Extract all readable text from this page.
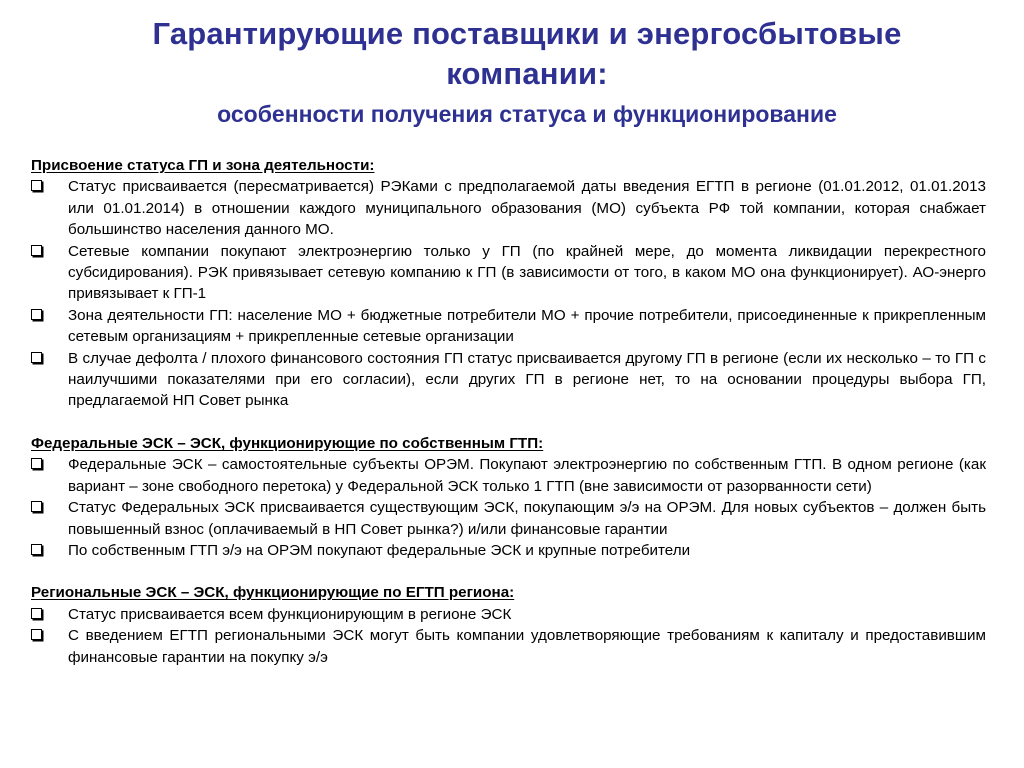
Гарантирующие поставщики и энергосбытовые
компании:
особенности получения статуса и функционирование
Присвоение статуса ГП и зона деятельности:
Статус присваивается (пересматривается) РЭКами с предполагаемой даты введения ЕГТП в регионе (01.01.2012, 01.01.2013 или 01.01.2014) в отношении каждого муниципального образования (МО) субъекта РФ той компании, которая снабжает большинство населения данного МО.
Сетевые компании покупают электроэнергию только у ГП (по крайней мере, до момента ликвидации перекрестного субсидирования). РЭК привязывает сетевую компанию к ГП (в зависимости от того, в каком МО она функционирует). АО-энерго привязывает к ГП-1
Зона деятельности ГП: население МО + бюджетные потребители МО + прочие потребители, присоединенные к прикрепленным сетевым организациям + прикрепленные сетевые организации
В случае дефолта / плохого финансового состояния ГП статус присваивается другому ГП в регионе (если их несколько – то ГП с наилучшими показателями при его согласии), если других ГП в регионе нет, то на основании процедуры выбора ГП, предлагаемой НП Совет рынка
Федеральные ЭСК – ЭСК, функционирующие по собственным ГТП:
Федеральные ЭСК – самостоятельные субъекты ОРЭМ. Покупают электроэнергию по собственным ГТП. В одном регионе (как вариант – зоне свободного перетока) у Федеральной ЭСК только 1 ГТП (вне зависимости от разорванности сети)
Статус Федеральных ЭСК присваивается существующим ЭСК, покупающим э/э на ОРЭМ. Для новых субъектов – должен быть повышенный взнос (оплачиваемый в НП Совет рынка?) и/или финансовые гарантии
По собственным ГТП э/э на ОРЭМ покупают федеральные ЭСК и крупные потребители
Региональные ЭСК – ЭСК, функционирующие по ЕГТП региона:
Статус присваивается всем функционирующим в регионе ЭСК
С введением ЕГТП региональными ЭСК могут быть компании удовлетворяющие требованиям к капиталу и предоставившим финансовые гарантии на покупку э/э
